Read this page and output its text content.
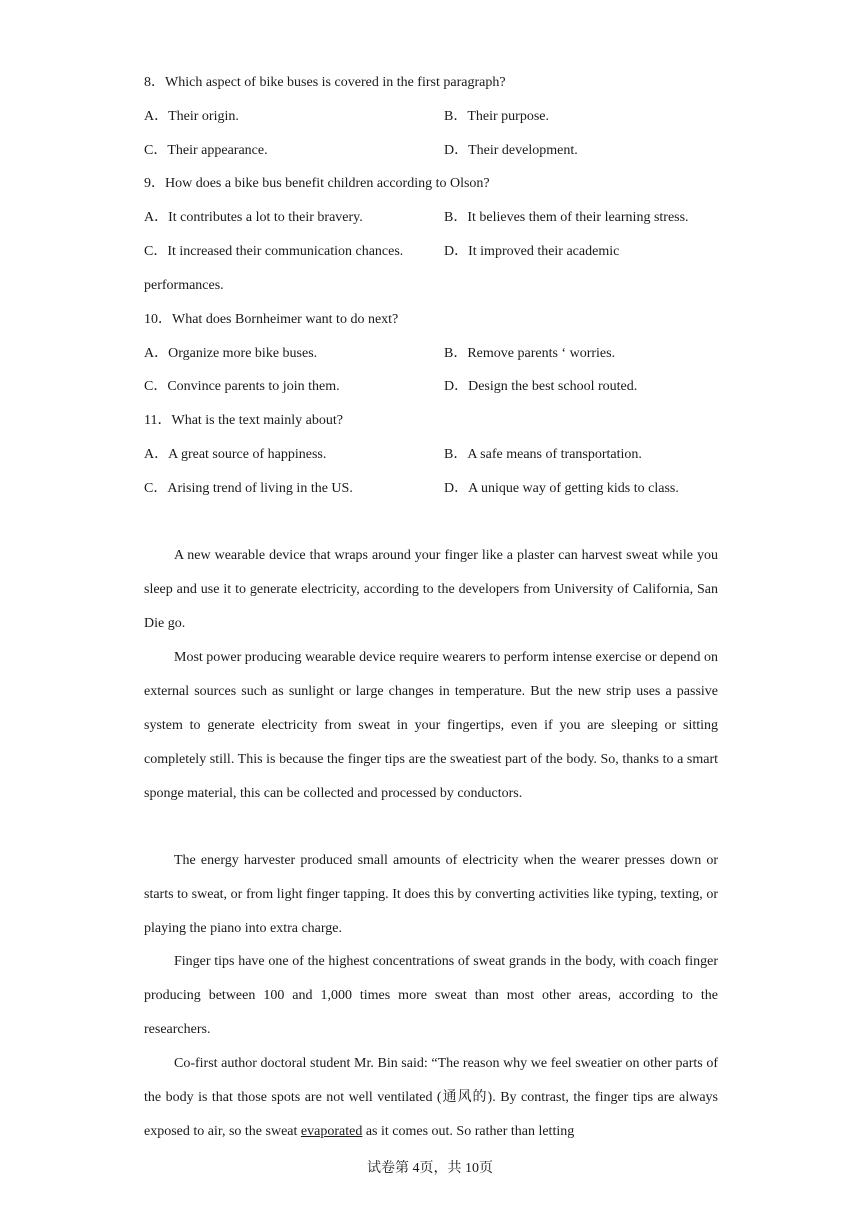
8．Which aspect of bike buses is covered in the first paragraph?
A．Their origin.	B．Their purpose.
C．Their appearance.	D．Their development.
9．How does a bike bus benefit children according to Olson?
A．It contributes a lot to their bravery.	B．It believes them of their learning stress.
C．It increased their communication chances.	D．It improved their academic
performances.
10．What does Bornheimer want to do next?
A．Organize more bike buses.	B．Remove parents ‘ worries.
C．Convince parents to join them.	D．Design the best school routed.
11．What is the text mainly about?
A．A great source of happiness.	B．A safe means of transportation.
C．Arising trend of living in the US.	D．A unique way of getting kids to class.

A new wearable device that wraps around your finger like a plaster can harvest sweat while you sleep and use it to generate electricity, according to the developers from University of California, San Die go.

Most power producing wearable device require wearers to perform intense exercise or depend on external sources such as sunlight or large changes in temperature. But the new strip uses a passive system to generate electricity from sweat in your fingertips, even if you are sleeping or sitting completely still. This is because the finger tips are the sweatiest part of the body. So, thanks to a smart sponge material, this can be collected and processed by conductors.

The energy harvester produced small amounts of electricity when the wearer presses down or starts to sweat, or from light finger tapping. It does this by converting activities like typing, texting, or playing the piano into extra charge.

Finger tips have one of the highest concentrations of sweat grands in the body, with coach finger producing between 100 and 1,000 times more sweat than most other areas, according to the researchers.

Co-first author doctoral student Mr. Bin said: “The reason why we feel sweatier on other parts of the body is that those spots are not well ventilated (通风的). By contrast, the finger tips are always exposed to air, so the sweat evaporated as it comes out. So rather than letting

试卷第 4页，共 10页
